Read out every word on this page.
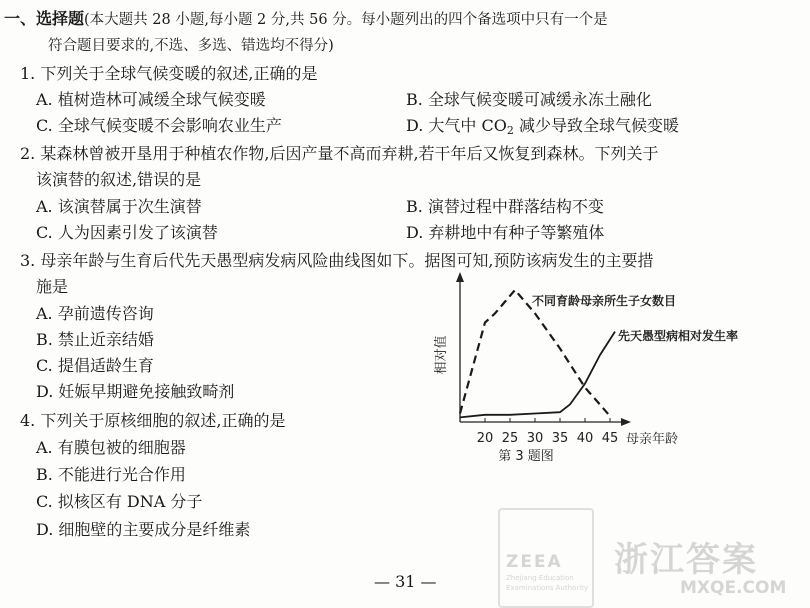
一、选择题(本大题共 28 小题,每小题 2 分,共 56 分。每小题列出的四个备选项中只有一个是
符合题目要求的,不选、多选、错选均不得分)
1. 下列关于全球气候变暖的叙述,正确的是
A. 植树造林可减缓全球气候变暖	B. 全球气候变暖可减缓永冻土融化
C. 全球气候变暖不会影响农业生产	D. 大气中 $CO_2$ 减少导致全球气候变暖
2. 某森林曾被开垦用于种植农作物,后因产量不高而弃耕,若干年后又恢复到森林。下列关于
该演替的叙述,错误的是
A. 该演替属于次生演替	B. 演替过程中群落结构不变
C. 人为因素引发了该演替	D. 弃耕地中有种子等繁殖体
3. 母亲年龄与生育后代先天愚型病发病风险曲线图如下。据图可知,预防该病发生的主要措
施是
A. 孕前遗传咨询
B. 禁止近亲结婚
C. 提倡适龄生育
D. 妊娠早期避免接触致畸剂
4. 下列关于原核细胞的叙述,正确的是
A. 有膜包被的细胞器
B. 不能进行光合作用
C. 拟核区有 DNA 分子
D. 细胞壁的主要成分是纤维素
相对值
20 25 30 35 40 45 母亲年龄
不同育龄母亲所生子女数目
先天愚型病相对发生率
第 3 题图
ZEEA
Zhejiang Education
Examinations Authority
浙江答案
MXQE.COM
— 31 —
